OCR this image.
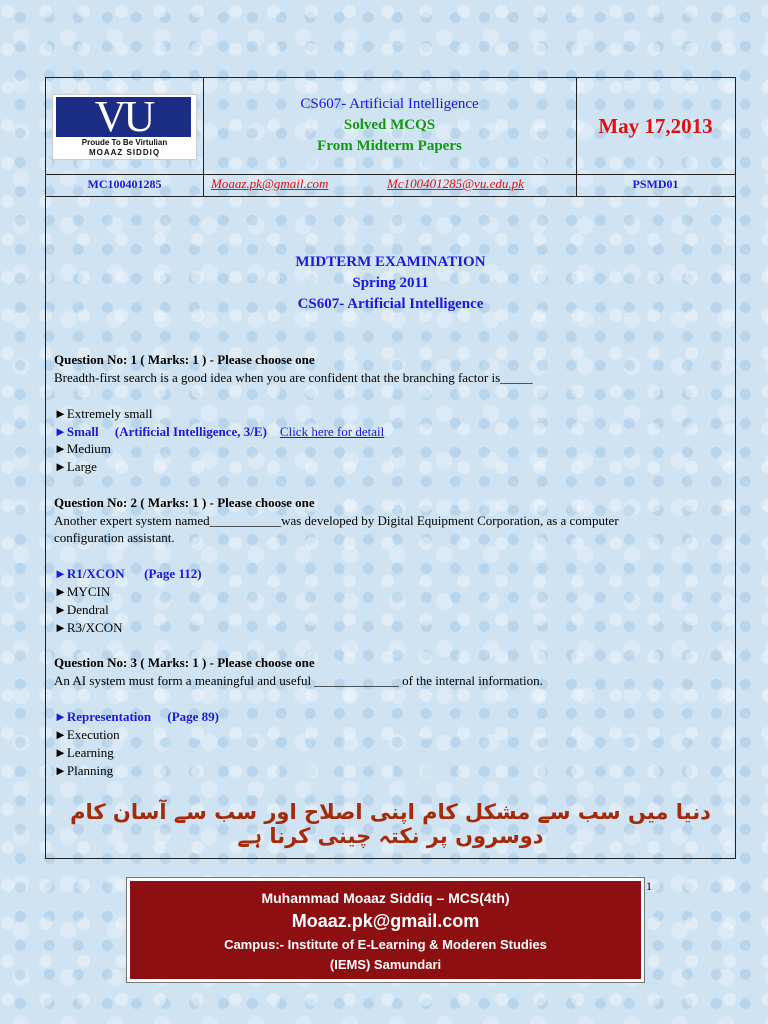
VU
Proude To Be Virtulian
MOAAZ SIDDIQ
CS607- Artificial Intelligence
Solved MCQS
From Midterm Papers
May 17,2013
MC100401285	Moaaz.pk@gmail.com	Mc100401285@vu.edu.pk	PSMD01
MIDTERM EXAMINATION
Spring 2011
CS607- Artificial Intelligence
Question No: 1 ( Marks: 1 ) - Please choose one
Breadth-first search is a good idea when you are confident that the branching factor is_____
►Extremely small
►Small (Artificial Intelligence, 3/E) Click here for detail
►Medium
►Large
Question No: 2 ( Marks: 1 ) - Please choose one
Another expert system named___________was developed by Digital Equipment Corporation, as a computer
configuration assistant.
►R1/XCON (Page 112)
►MYCIN
►Dendral
►R3/XCON
Question No: 3 ( Marks: 1 ) - Please choose one
An AI system must form a meaningful and useful _____________ of the internal information.
►Representation (Page 89)
►Execution
►Learning
►Planning
دنیا میں سب سے مشکل کام اپنی اصلاح اور سب سے آسان کام دوسروں پر نکتہ چینی کرنا ہے
1
Muhammad Moaaz Siddiq – MCS(4th)
Moaaz.pk@gmail.com
Campus:- Institute of E-Learning & Moderen Studies
(IEMS) Samundari
